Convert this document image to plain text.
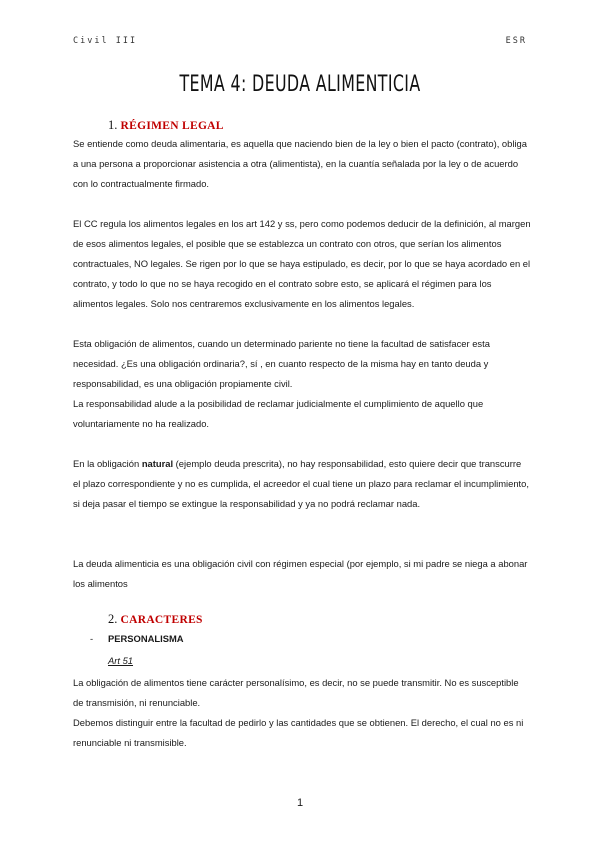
Civil III	ESR
TEMA 4: DEUDA ALIMENTICIA
1. RÉGIMEN LEGAL
Se entiende como deuda alimentaria, es aquella que naciendo bien de la ley o bien el pacto (contrato), obliga a una persona a proporcionar asistencia a otra (alimentista), en la cuantía señalada por la ley o de acuerdo con lo contractualmente firmado.
El CC regula los alimentos legales en los art 142 y ss, pero como podemos deducir de la definición, al margen de esos alimentos legales, el posible que se establezca un contrato con otros, que serían los alimentos contractuales, NO legales. Se rigen por lo que se haya estipulado, es decir, por lo que se haya acordado en el contrato, y todo lo que no se haya recogido en el contrato sobre esto, se aplicará el régimen para los alimentos legales. Solo nos centraremos exclusivamente en los alimentos legales.
Esta obligación de alimentos, cuando un determinado pariente no tiene la facultad de satisfacer esta necesidad. ¿Es una obligación ordinaria?, sí , en cuanto respecto de la misma hay en tanto deuda y responsabilidad, es una obligación propiamente civil.
La responsabilidad alude a la posibilidad de reclamar judicialmente el cumplimiento de aquello que voluntariamente no ha realizado.
En la obligación natural (ejemplo deuda prescrita), no hay responsabilidad, esto quiere decir que transcurre el plazo correspondiente y no es cumplida, el acreedor el cual tiene un plazo para reclamar el incumplimiento, si deja pasar el tiempo se extingue la responsabilidad y ya no podrá reclamar nada.
La deuda alimenticia es una obligación civil con régimen especial (por ejemplo, si mi padre se niega a abonar los alimentos
2. CARACTERES
- PERSONALISMA
Art 51
La obligación de alimentos tiene carácter personalísimo, es decir, no se puede transmitir. No es susceptible de transmisión, ni renunciable.
Debemos distinguir entre la facultad de pedirlo y las cantidades que se obtienen. El derecho, el cual no es ni renunciable ni transmisible.
1
